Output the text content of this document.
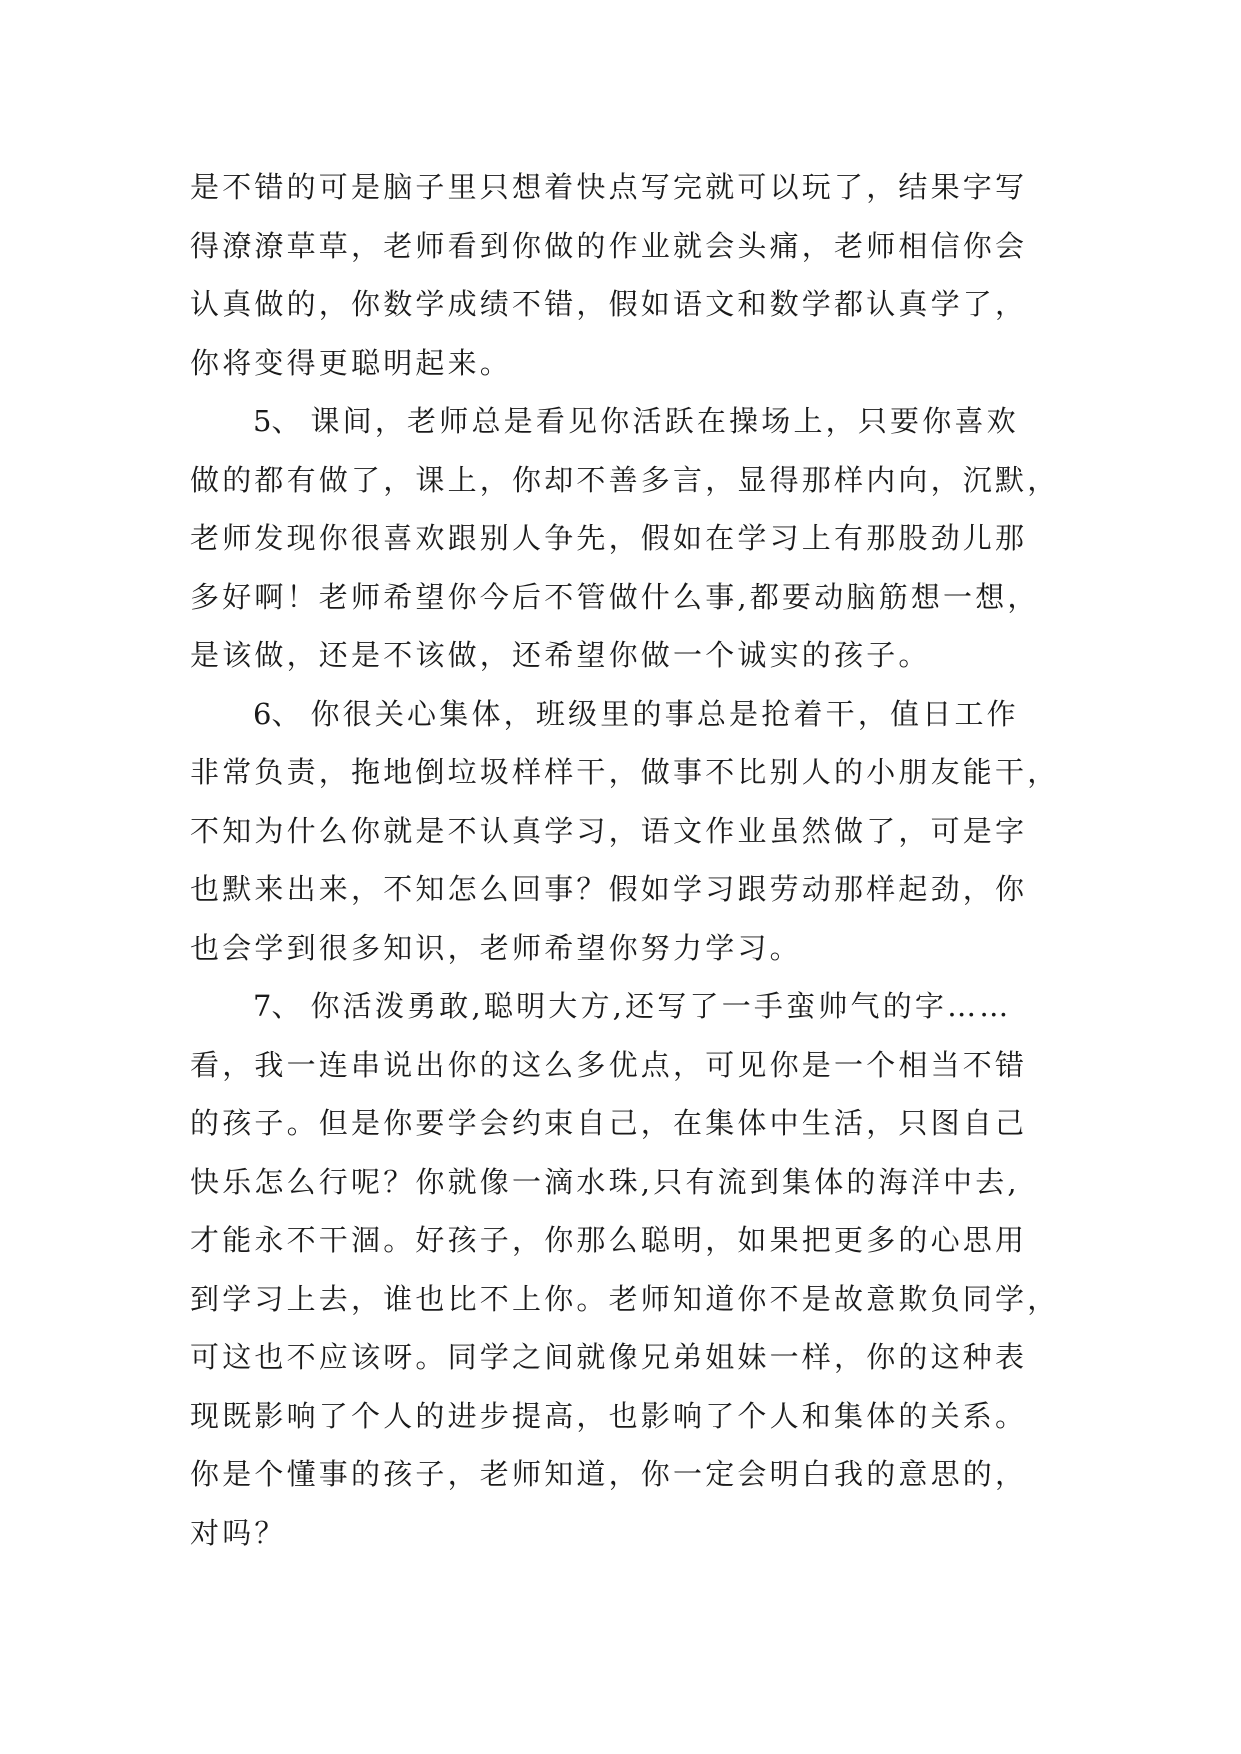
是不错的可是脑子里只想着快点写完就可以玩了，结果字写
得潦潦草草，老师看到你做的作业就会头痛，老师相信你会
认真做的，你数学成绩不错，假如语文和数学都认真学了，
你将变得更聪明起来。
5、 课间，老师总是看见你活跃在操场上，只要你喜欢
做的都有做了，课上，你却不善多言，显得那样内向，沉默，
老师发现你很喜欢跟别人争先，假如在学习上有那股劲儿那
多好啊！老师希望你今后不管做什么事,都要动脑筋想一想，
是该做，还是不该做，还希望你做一个诚实的孩子。
6、 你很关心集体，班级里的事总是抢着干，值日工作
非常负责，拖地倒垃圾样样干，做事不比别人的小朋友能干，
不知为什么你就是不认真学习，语文作业虽然做了，可是字
也默来出来，不知怎么回事？假如学习跟劳动那样起劲，你
也会学到很多知识，老师希望你努力学习。
7、 你活泼勇敢,聪明大方,还写了一手蛮帅气的字……
看，我一连串说出你的这么多优点，可见你是一个相当不错
的孩子。但是你要学会约束自己，在集体中生活，只图自己
快乐怎么行呢？你就像一滴水珠,只有流到集体的海洋中去,
才能永不干涸。好孩子，你那么聪明，如果把更多的心思用
到学习上去，谁也比不上你。老师知道你不是故意欺负同学，
可这也不应该呀。同学之间就像兄弟姐妹一样，你的这种表
现既影响了个人的进步提高，也影响了个人和集体的关系。
你是个懂事的孩子，老师知道，你一定会明白我的意思的，
对吗？
